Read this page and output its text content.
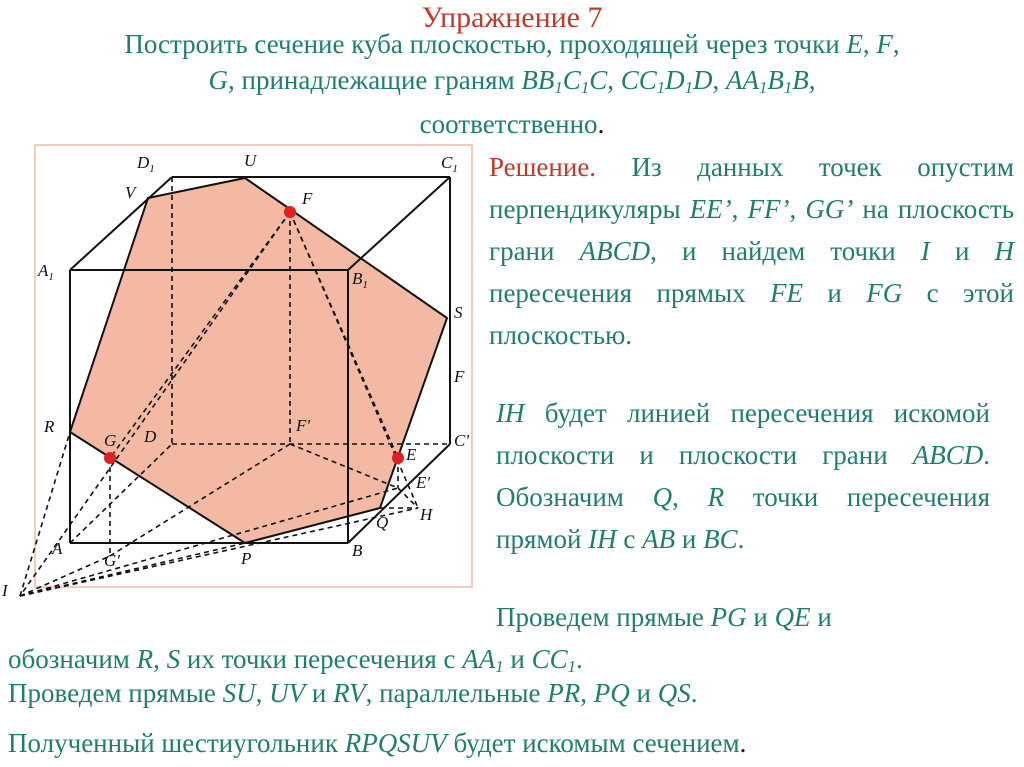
Упражнение 7
Построить сечение куба плоскостью, проходящей через точки E, F,
G, принадлежащие граням $BB_1C_1C$, $CC_1D_1D$, $AA_1B_1B$,
соответственно.
$D_1$	U	$C_1$
V	F
$A_1$	$B_1$
S
F
R
G D
F'
C'
E
E'
H
Q
A
G'	P	B
I
Решение. Из данных точек опустим перпендикуляры EE’, FF’, GG’ на плоскость грани ABCD, и найдем точки I и H пересечения прямых FE и FG с этой плоскостью.
IH будет линией пересечения искомой плоскости и плоскости грани ABCD. Обозначим Q, R точки пересечения прямой IH с AB и BC.
Проведем прямые PG и QE и
обозначим R, S их точки пересечения с $AA_1$ и $CC_1$.
Проведем прямые SU, UV и RV, параллельные PR, PQ и QS.
Полученный шестиугольник RPQSUV будет искомым сечением.
